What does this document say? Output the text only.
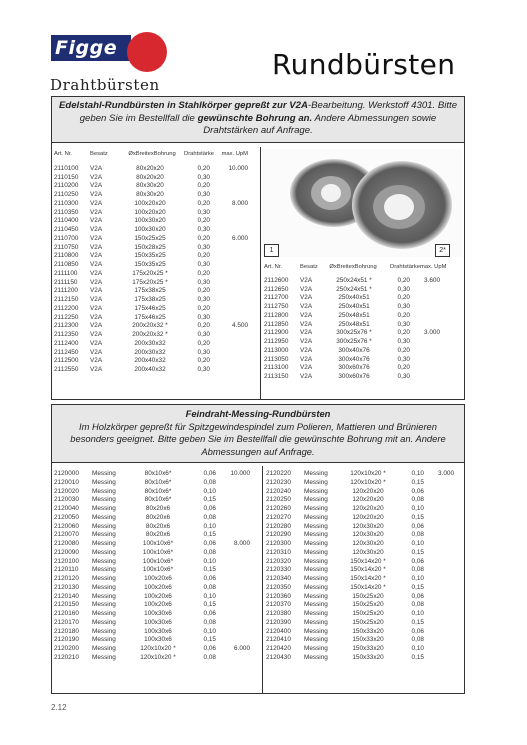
Figge
Drahtbürsten
Rundbürsten
Edelstahl-Rundbürsten in Stahlkörper gepreßt zur V2A-Bearbeitung. Werkstoff 4301. Bitte geben Sie im Bestellfall die gewünschte Bohrung an. Andere Abmessungen sowie Drahtstärken auf Anfrage.
Art. Nr.	Besatz	ØxBreitexBohrung	Drahtstärke	max. UpM
2110100	V2A	80x20x20	0,20	10.000
2110150	V2A	80x20x20	0,30
2110200	V2A	80x30x20	0,20
2110250	V2A	80x30x20	0,30
2110300	V2A	100x20x20	0,20	8.000
2110350	V2A	100x20x20	0,30
2110400	V2A	100x30x20	0,20
2110450	V2A	100x30x20	0,30
2110700	V2A	150x25x25	0,20	6.000
2110750	V2A	150x28x25	0,30
2110800	V2A	150x35x25	0,20
2110850	V2A	150x35x25	0,30
2111100	V2A	175x20x25 *	0,20
2111150	V2A	175x20x25 *	0,30
2111200	V2A	175x38x25	0,20
2112150	V2A	175x38x25	0,30
2112200	V2A	175x46x25	0,20
2112250	V2A	175x46x25	0,30
2112300	V2A	200x20x32 *	0,20	4.500
2112350	V2A	200x20x32 *	0,30
2112400	V2A	200x30x32	0,20
2112450	V2A	200x30x32	0,30
2112500	V2A	200x40x32	0,20
2112550	V2A	200x40x32	0,30
1	2*
Art. Nr.	Besatz	ØxBreitexBohrung	Drahtstärke max. UpM
2112600	V2A	250x24x51 *	0,20	3.600
2112650	V2A	250x24x51 *	0,30
2112700	V2A	250x40x51	0,20
2112750	V2A	250x40x51	0,30
2112800	V2A	250x48x51	0,20
2112850	V2A	250x48x51	0,30
2112900	V2A	300x25x76 *	0,20	3.000
2112950	V2A	300x25x76 *	0,30
2113000	V2A	300x40x76	0,20
2113050	V2A	300x40x76	0,30
2113100	V2A	300x60x76	0,20
2113150	V2A	300x60x76	0,30
Feindraht-Messing-Rundbürsten
Im Holzkörper gepreßt für Spitzgewindespindel zum Polieren, Mattieren und Brünieren besonders geeignet. Bitte geben Sie im Bestellfall die gewünschte Bohrung mit an. Andere Abmessungen auf Anfrage.
2120000	Messing	80x10x6*	0,06	10.000
2120010	Messing	80x10x6*	0,08
2120020	Messing	80x10x6*	0,10
2120030	Messing	80x10x6*	0,15
2120040	Messing	80x20x6	0,06
2120050	Messing	80x20x6	0,08
2120060	Messing	80x20x6	0,10
2120070	Messing	80x20x6	0,15
2120080	Messing	100x10x6*	0,06	8.000
2120090	Messing	100x10x6*	0,08
2120100	Messing	100x10x6*	0,10
2120110	Messing	100x10x6*	0,15
2120120	Messing	100x20x6	0,06
2120130	Messing	100x20x6	0,08
2120140	Messing	100x20x6	0,10
2120150	Messing	100x20x6	0,15
2120160	Messing	100x30x6	0,06
2120170	Messing	100x30x6	0,08
2120180	Messing	100x30x6	0,10
2120190	Messing	100x30x6	0,15
2120200	Messing	120x10x20 *	0,06	6.000
2120210	Messing	120x10x20 *	0,08
2120220	Messing	120x10x20 *	0,10	3.000
2120230	Messing	120x10x20 *	0,15
2120240	Messing	120x20x20	0,06
2120250	Messing	120x20x20	0,08
2120260	Messing	120x20x20	0,10
2120270	Messing	120x20x20	0,15
2120280	Messing	120x30x20	0,06
2120290	Messing	120x30x20	0,08
2120300	Messing	120x30x20	0,10
2120310	Messing	120x30x20	0,15
2120320	Messing	150x14x20 *	0,06
2120330	Messing	150x14x20 *	0,08
2120340	Messing	150x14x20 *	0,10
2120350	Messing	150x14x20 *	0,15
2120360	Messing	150x25x20	0,06
2120370	Messing	150x25x20	0,08
2120380	Messing	150x25x20	0,10
2120390	Messing	150x25x20	0,15
2120400	Messing	150x33x20	0,06
2120410	Messing	150x33x20	0,08
2120420	Messing	150x33x20	0,10
2120430	Messing	150x33x20	0,15
2.12
